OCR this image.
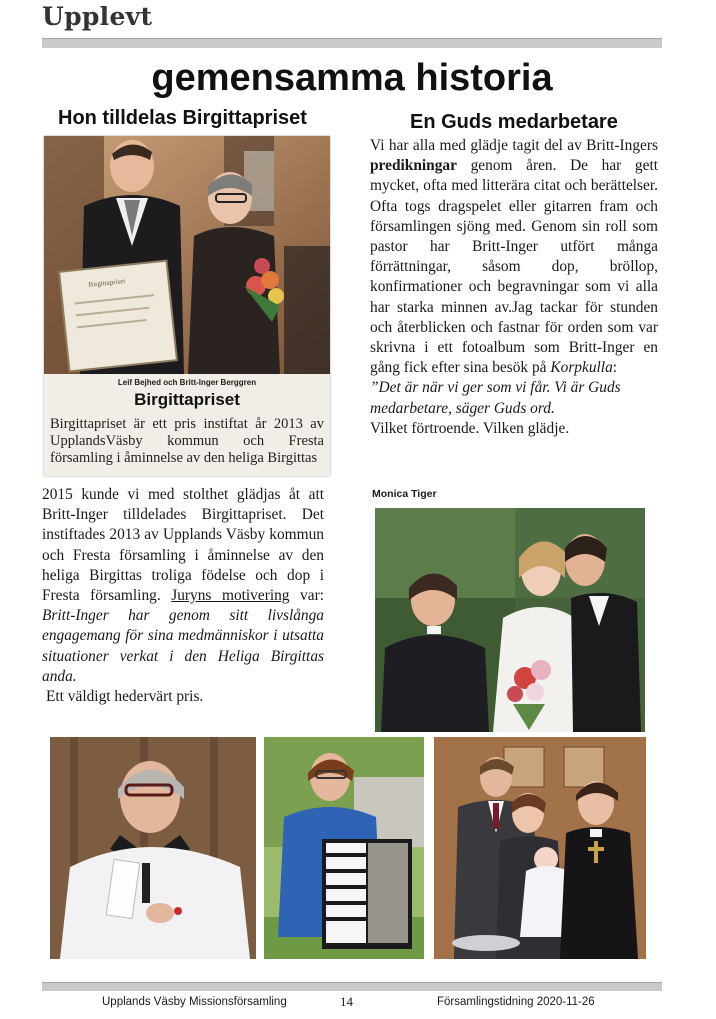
Upplevt
gemensamma historia
Hon tilldelas Birgittapriset	En Guds medarbetare
Birgittapriset
Leif Bejhed och Britt-Inger Berggren
Birgittapriset
Birgittapriset är ett pris instiftat år 2013 av UpplandsVäsby kommun och Fresta församling i åminnelse av den heliga Birgittas

Vi har alla med glädje tagit del av Britt-Ingers predikningar genom åren. De har gett mycket, ofta med litterära citat och berättelser. Ofta togs dragspelet eller gitarren fram och församlingen sjöng med. Genom sin roll som pastor har Britt-Inger utfört många förrättningar, såsom dop, bröllop, konfirmationer och begravningar som vi alla har starka minnen av.Jag tackar för stunden och återblicken och fastnar för orden som var skrivna i ett fotoalbum som Britt-Inger en gång fick efter sina besök på Korpkulla:

”Det är när vi ger som vi får. Vi är Guds medarbetare, säger Guds ord.

Vilket förtroende. Vilken glädje.

Monica Tiger

2015 kunde vi med stolthet glädjas åt att Britt-Inger tilldelades Birgittapriset. Det instiftades 2013 av Upplands Väsby kommun och Fresta församling i åminnelse av den heliga Birgittas troliga födelse och dop i Fresta församling. Juryns motivering var: Britt-Inger har genom sitt livslånga engagemang för sina medmänniskor i utsatta situationer verkat i den Heliga Birgittas anda.

Ett väldigt hedervärt pris.

Upplands Väsby Missionsförsamling	14	Församlingstidning 2020-11-26
